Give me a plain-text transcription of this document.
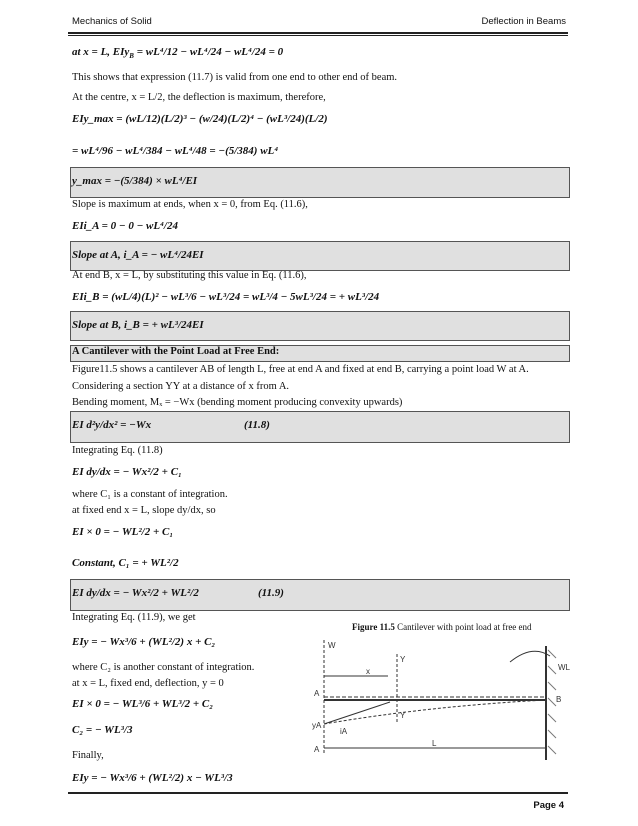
Mechanics of Solid	Deflection in Beams
at x = L, EIy$_B$ = wL⁴/12 − wL⁴/24 − wL⁴/24 = 0
This shows that expression (11.7) is valid from one end to other end of beam.
At the centre, x = L/2, the deflection is maximum, therefore,
EIy_max = (wL/12)(L/2)³ − (w/24)(L/2)⁴ − (wL³/24)(L/2)
= wL⁴/96 − wL⁴/384 − wL⁴/48 = −(5/384) wL⁴
y_max = −(5/384) × wL⁴/EI
Slope is maximum at ends, when x = 0, from Eq. (11.6),
EIi_A = 0 − 0 − wL⁴/24
Slope at A, i_A = − wL⁴/24EI
At end B, x = L, by substituting this value in Eq. (11.6),
EIi_B = (wL/4)(L)² − wL³/6 − wL³/24 = wL³/4 − 5wL³/24 = + wL³/24
Slope at B, i_B = + wL³/24EI
A Cantilever with the Point Load at Free End:
Figure11.5 shows a cantilever AB of length L, free at end A and fixed at end B, carrying a point load W at A.
Considering a section YY at a distance of x from A.
Bending moment, Mₓ = −Wx (bending moment producing convexity upwards)
EI d²y/dx² = −Wx	(11.8)
Integrating Eq. (11.8)
EI dy/dx = − Wx²/2 + C₁
where C₁ is a constant of integration.
at fixed end x = L, slope dy/dx, so
EI × 0 = − WL²/2 + C₁
Constant, C₁ = + WL²/2
EI dy/dx = − Wx²/2 + WL²/2	(11.9)
Integrating Eq. (11.9), we get
EIy = − Wx³/6 + (WL²/2) x + C₂
where C₂ is another constant of integration.
at x = L, fixed end, deflection, y = 0
EI × 0 = − WL³/6 + WL³/2 + C₂
C₂ = − WL³/3
Finally,
EIy = − Wx³/6 + (WL²/2) x − WL³/3
Figure 11.5 Cantilever with point load at free end
W
x
Y
Y
A
yA
iA
A
B
L
WL
Page 4
